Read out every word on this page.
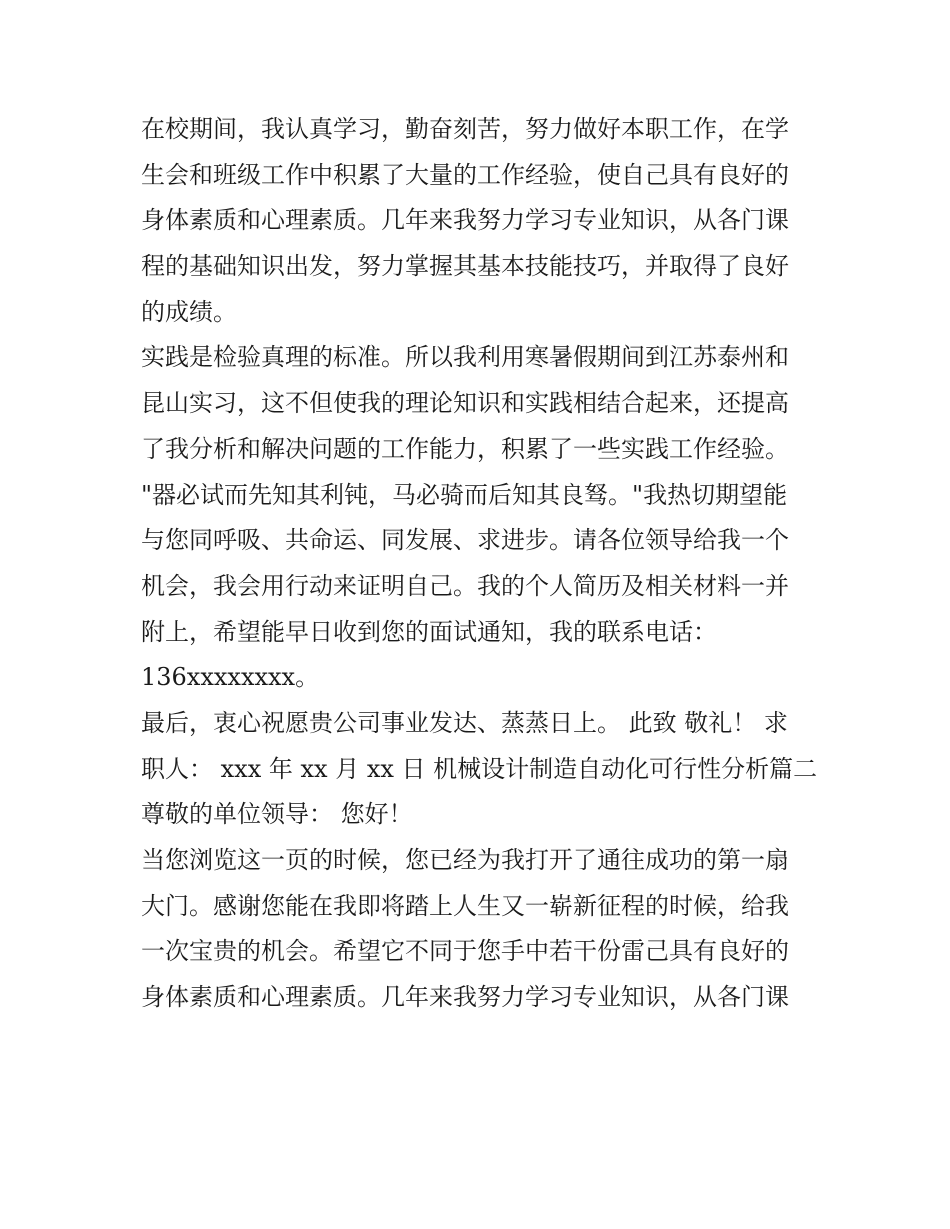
在校期间，我认真学习，勤奋刻苦，努力做好本职工作，在学
生会和班级工作中积累了大量的工作经验，使自己具有良好的
身体素质和心理素质。几年来我努力学习专业知识，从各门课
程的基础知识出发，努力掌握其基本技能技巧，并取得了良好
的成绩。
实践是检验真理的标准。所以我利用寒暑假期间到江苏泰州和
昆山实习，这不但使我的理论知识和实践相结合起来，还提高
了我分析和解决问题的工作能力，积累了一些实践工作经验。
"器必试而先知其利钝，马必骑而后知其良驽。"我热切期望能
与您同呼吸、共命运、同发展、求进步。请各位领导给我一个
机会，我会用行动来证明自己。我的个人简历及相关材料一并
附上，希望能早日收到您的面试通知，我的联系电话：
136xxxxxxxx。
最后，衷心祝愿贵公司事业发达、蒸蒸日上。 此致 敬礼！ 求
职人： xxx 年 xx 月 xx 日 机械设计制造自动化可行性分析篇二
尊敬的单位领导： 您好！
当您浏览这一页的时候，您已经为我打开了通往成功的第一扇
大门。感谢您能在我即将踏上人生又一崭新征程的时候，给我
一次宝贵的机会。希望它不同于您手中若干份雷己具有良好的
身体素质和心理素质。几年来我努力学习专业知识，从各门课
